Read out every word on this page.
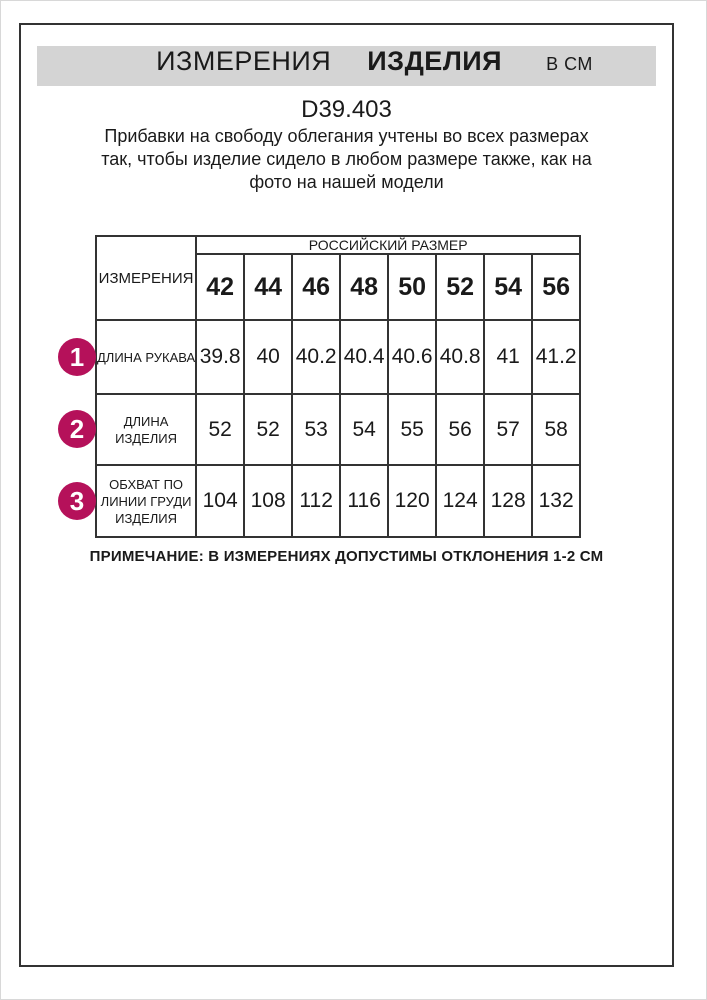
ИЗМЕРЕНИЯ ИЗДЕЛИЯ В СМ
D39.403
Прибавки на свободу облегания учтены во всех размерах так, чтобы изделие сидело в любом размере также, как на фото на нашей модели
ИЗМЕРЕНИЯ	РОССИЙСКИЙ РАЗМЕР							
	42	44	46	48	50	52	54	56
ДЛИНА РУКАВА	39.8	40	40.2	40.4	40.6	40.8	41	41.2
ДЛИНА ИЗДЕЛИЯ	52	52	53	54	55	56	57	58
ОБХВАТ ПО ЛИНИИ ГРУДИ ИЗДЕЛИЯ	104	108	112	116	120	124	128	132
1
2
3
ПРИМЕЧАНИЕ: В ИЗМЕРЕНИЯХ ДОПУСТИМЫ ОТКЛОНЕНИЯ 1-2 СМ
